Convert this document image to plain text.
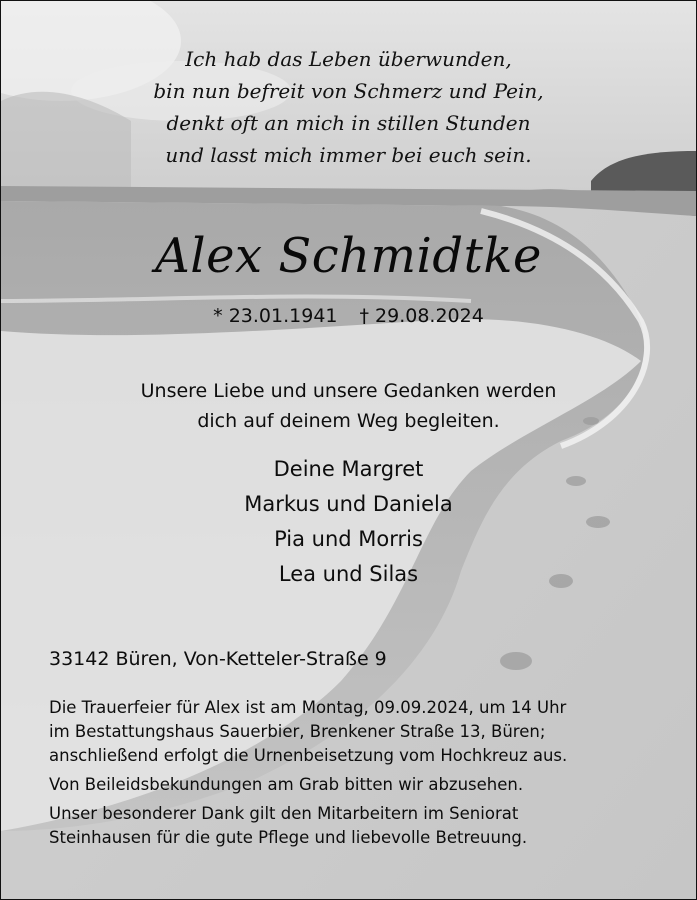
Ich hab das Leben überwunden,
bin nun befreit von Schmerz und Pein,
denkt oft an mich in stillen Stunden
und lasst mich immer bei euch sein.
Alex Schmidtke
* 23.01.1941 † 29.08.2024
Unsere Liebe und unsere Gedanken werden
dich auf deinem Weg begleiten.
Deine Margret
Markus und Daniela
Pia und Morris
Lea und Silas
33142 Büren, Von-Ketteler-Straße 9
Die Trauerfeier für Alex ist am Montag, 09.09.2024, um 14 Uhr
im Bestattungshaus Sauerbier, Brenkener Straße 13, Büren;
anschließend erfolgt die Urnenbeisetzung vom Hochkreuz aus.
Von Beileidsbekundungen am Grab bitten wir abzusehen.
Unser besonderer Dank gilt den Mitarbeitern im Seniorat
Steinhausen für die gute Pflege und liebevolle Betreuung.
